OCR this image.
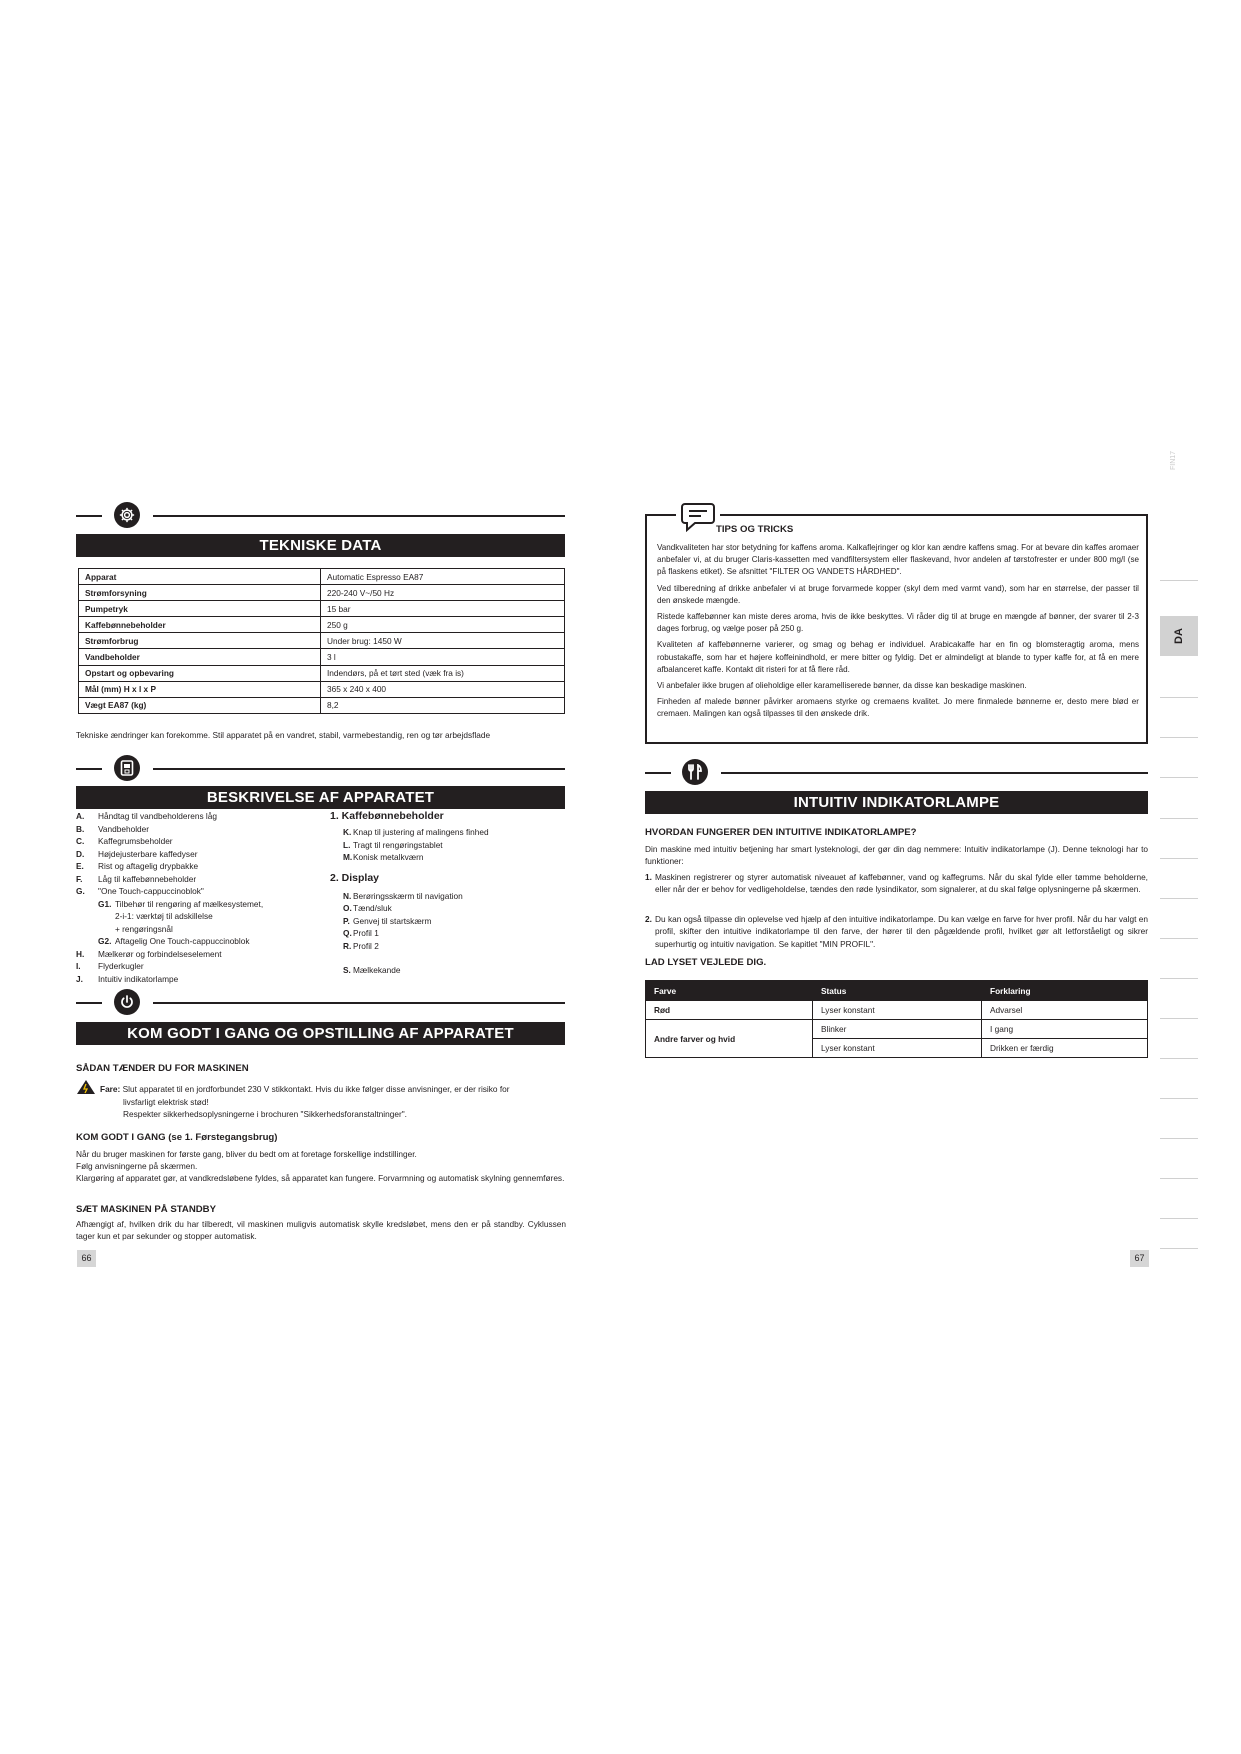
TEKNISKE DATA
Apparat	Automatic Espresso EA87
Strømforsyning	220-240 V~/50 Hz
Pumpetryk	15 bar
Kaffebønnebeholder	250 g
Strømforbrug	Under brug: 1450 W
Vandbeholder	3 l
Opstart og opbevaring	Indendørs, på et tørt sted (væk fra is)
Mål (mm) H x l x P	365 x 240 x 400
Vægt EA87 (kg)	8,2
Tekniske ændringer kan forekomme. Stil apparatet på en vandret, stabil, varmebestandig, ren og tør arbejdsflade
BESKRIVELSE AF APPARATET
A.	Håndtag til vandbeholderens låg
B.	Vandbeholder
C.	Kaffegrumsbeholder
D.	Højdejusterbare kaffedyser
E.	Rist og aftagelig drypbakke
F.	Låg til kaffebønnebeholder
G.	"One Touch-cappuccinoblok"
G1. Tilbehør til rengøring af mælkesystemet,
2-i-1: værktøj til adskillelse
+ rengøringsnål
G2. Aftagelig One Touch-cappuccinoblok
H.	Mælkerør og forbindelseselement
I.	Flyderkugler
J.	Intuitiv indikatorlampe
1. Kaffebønnebeholder
K. Knap til justering af malingens finhed
L. Tragt til rengøringstablet
M. Konisk metalkværn
2. Display
N. Berøringsskærm til navigation
O. Tænd/sluk
P. Genvej til startskærm
Q. Profil 1
R. Profil 2
S. Mælkekande
KOM GODT I GANG OG OPSTILLING AF APPARATET
SÅDAN TÆNDER DU FOR MASKINEN
Fare: Slut apparatet til en jordforbundet 230 V stikkontakt. Hvis du ikke følger disse anvisninger, er der risiko for
livsfarligt elektrisk stød!
Respekter sikkerhedsoplysningerne i brochuren "Sikkerhedsforanstaltninger".
KOM GODT I GANG (se 1. Førstegangsbrug)
Når du bruger maskinen for første gang, bliver du bedt om at foretage forskellige indstillinger.
Følg anvisningerne på skærmen.
Klargøring af apparatet gør, at vandkredsløbene fyldes, så apparatet kan fungere. Forvarmning og automatisk skylning gennemføres.
SÆT MASKINEN PÅ STANDBY
Afhængigt af, hvilken drik du har tilberedt, vil maskinen muligvis automatisk skylle kredsløbet, mens den er på standby. Cyklussen tager kun et par sekunder og stopper automatisk.
66
FIN17
DA
TIPS OG TRICKS
Vandkvaliteten har stor betydning for kaffens aroma. Kalkaflejringer og klor kan ændre kaffens smag. For at bevare din kaffes aromaer anbefaler vi, at du bruger Claris-kassetten med vandfiltersystem eller flaskevand, hvor andelen af tørstofrester er under 800 mg/l (se på flaskens etiket). Se afsnittet "FILTER OG VANDETS HÅRDHED".
Ved tilberedning af drikke anbefaler vi at bruge forvarmede kopper (skyl dem med varmt vand), som har en størrelse, der passer til den ønskede mængde.
Ristede kaffebønner kan miste deres aroma, hvis de ikke beskyttes. Vi råder dig til at bruge en mængde af bønner, der svarer til 2-3 dages forbrug, og vælge poser på 250 g.
Kvaliteten af kaffebønnerne varierer, og smag og behag er individuel. Arabicakaffe har en fin og blomsteragtig aroma, mens robustakaffe, som har et højere koffeinindhold, er mere bitter og fyldig. Det er almindeligt at blande to typer kaffe for, at få en mere afbalanceret kaffe. Kontakt dit risteri for at få flere råd.
Vi anbefaler ikke brugen af olieholdige eller karamelliserede bønner, da disse kan beskadige maskinen.
Finheden af malede bønner påvirker aromaens styrke og cremaens kvalitet. Jo mere finmalede bønnerne er, desto mere blød er cremaen. Malingen kan også tilpasses til den ønskede drik.
INTUITIV INDIKATORLAMPE
HVORDAN FUNGERER DEN INTUITIVE INDIKATORLAMPE?
Din maskine med intuitiv betjening har smart lysteknologi, der gør din dag nemmere: Intuitiv indikatorlampe (J). Denne teknologi har to funktioner:
1. Maskinen registrerer og styrer automatisk niveauet af kaffebønner, vand og kaffegrums. Når du skal fylde eller tømme beholderne, eller når der er behov for vedligeholdelse, tændes den røde lysindikator, som signalerer, at du skal følge oplysningerne på skærmen.
2. Du kan også tilpasse din oplevelse ved hjælp af den intuitive indikatorlampe. Du kan vælge en farve for hver profil. Når du har valgt en profil, skifter den intuitive indikatorlampe til den farve, der hører til den pågældende profil, hvilket gør alt letforståeligt og sikrer superhurtig og intuitiv navigation. Se kapitlet "MIN PROFIL".
LAD LYSET VEJLEDE DIG.
Farve	Status	Forklaring
Rød	Lyser konstant	Advarsel
Andre farver og hvid	Blinker	I gang
	Lyser konstant	Drikken er færdig
67
